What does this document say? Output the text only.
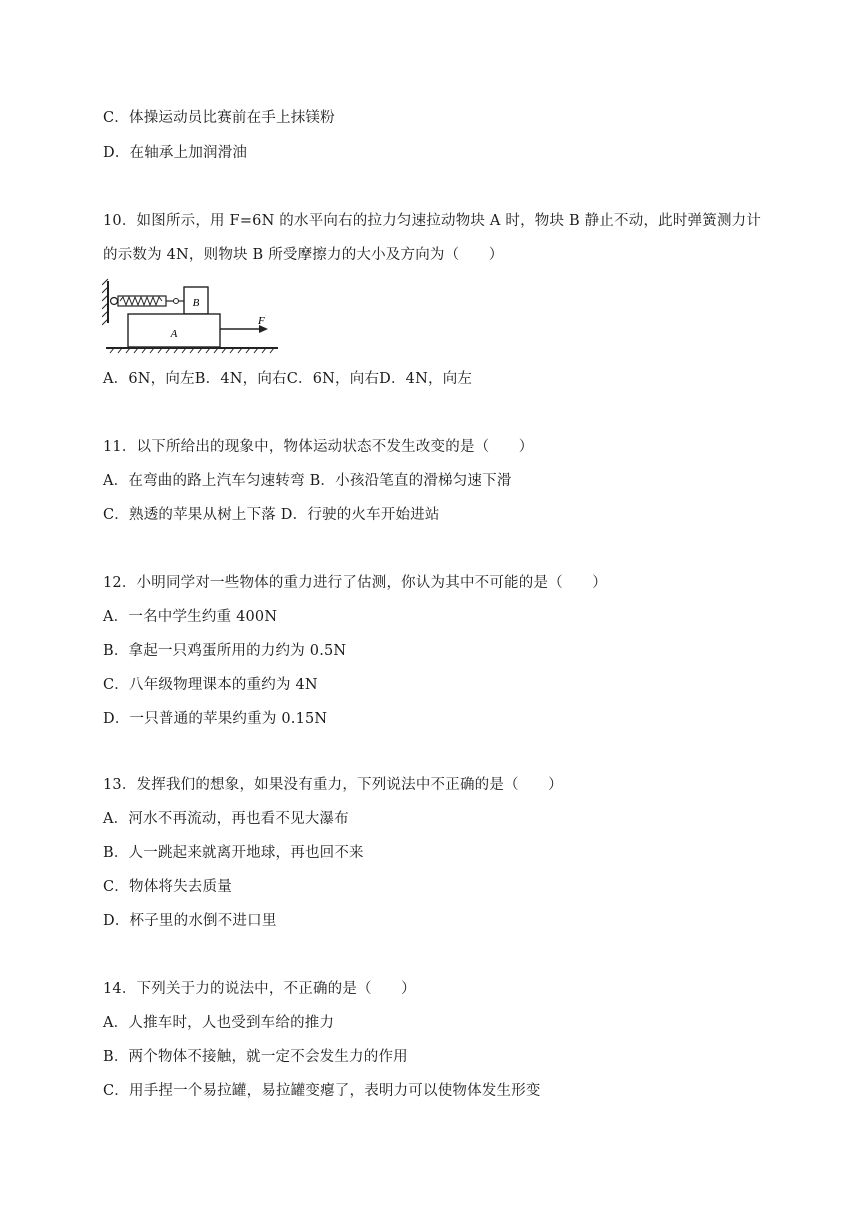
C．体操运动员比赛前在手上抹镁粉
D．在轴承上加润滑油
10．如图所示，用 F=6N 的水平向右的拉力匀速拉动物块 A 时，物块 B 静止不动，此时弹簧测力计
的示数为 4N，则物块 B 所受摩擦力的大小及方向为（　　）
B
A
F
A．6N，向左B．4N，向右C．6N，向右D．4N，向左
11．以下所给出的现象中，物体运动状态不发生改变的是（　　）
A．在弯曲的路上汽车匀速转弯 B．小孩沿笔直的滑梯匀速下滑
C．熟透的苹果从树上下落 D．行驶的火车开始进站
12．小明同学对一些物体的重力进行了估测，你认为其中不可能的是（　　）
A．一名中学生约重 400N
B．拿起一只鸡蛋所用的力约为 0.5N
C．八年级物理课本的重约为 4N
D．一只普通的苹果约重为 0.15N
13．发挥我们的想象，如果没有重力，下列说法中不正确的是（　　）
A．河水不再流动，再也看不见大瀑布
B．人一跳起来就离开地球，再也回不来
C．物体将失去质量
D．杯子里的水倒不进口里
14．下列关于力的说法中，不正确的是（　　）
A．人推车时，人也受到车给的推力
B．两个物体不接触，就一定不会发生力的作用
C．用手捏一个易拉罐，易拉罐变瘪了，表明力可以使物体发生形变
